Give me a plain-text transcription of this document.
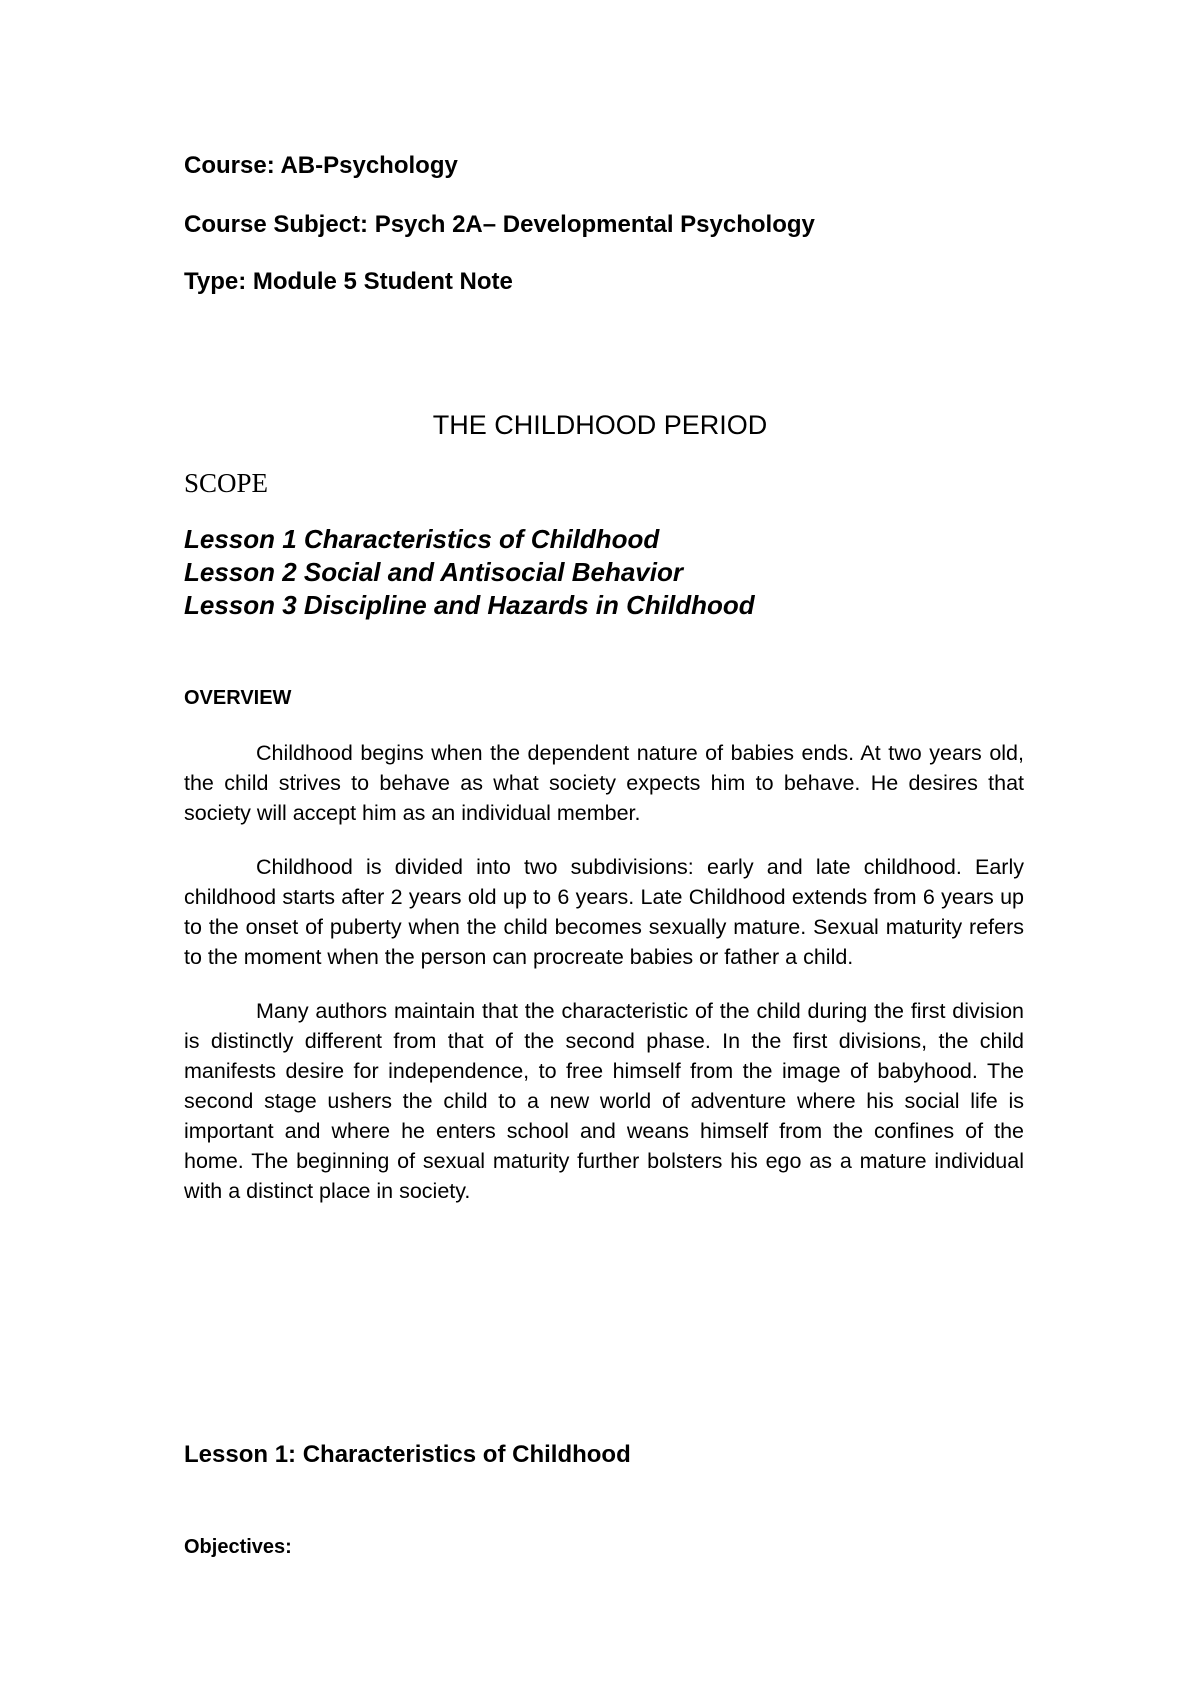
Course: AB-Psychology
Course Subject: Psych 2A– Developmental Psychology
Type: Module 5 Student Note
THE CHILDHOOD PERIOD
SCOPE
Lesson 1 Characteristics of Childhood
Lesson 2 Social and Antisocial Behavior
Lesson 3 Discipline and Hazards in Childhood
OVERVIEW

Childhood begins when the dependent nature of babies ends. At two years old, the child strives to behave as what society expects him to behave. He desires that society will accept him as an individual member.

Childhood is divided into two subdivisions: early and late childhood. Early childhood starts after 2 years old up to 6 years. Late Childhood extends from 6 years up to the onset of puberty when the child becomes sexually mature. Sexual maturity refers to the moment when the person can procreate babies or father a child.

Many authors maintain that the characteristic of the child during the first division is distinctly different from that of the second phase. In the first divisions, the child manifests desire for independence, to free himself from the image of babyhood. The second stage ushers the child to a new world of adventure where his social life is important and where he enters school and weans himself from the confines of the home. The beginning of sexual maturity further bolsters his ego as a mature individual with a distinct place in society.

Lesson 1: Characteristics of Childhood
Objectives:
